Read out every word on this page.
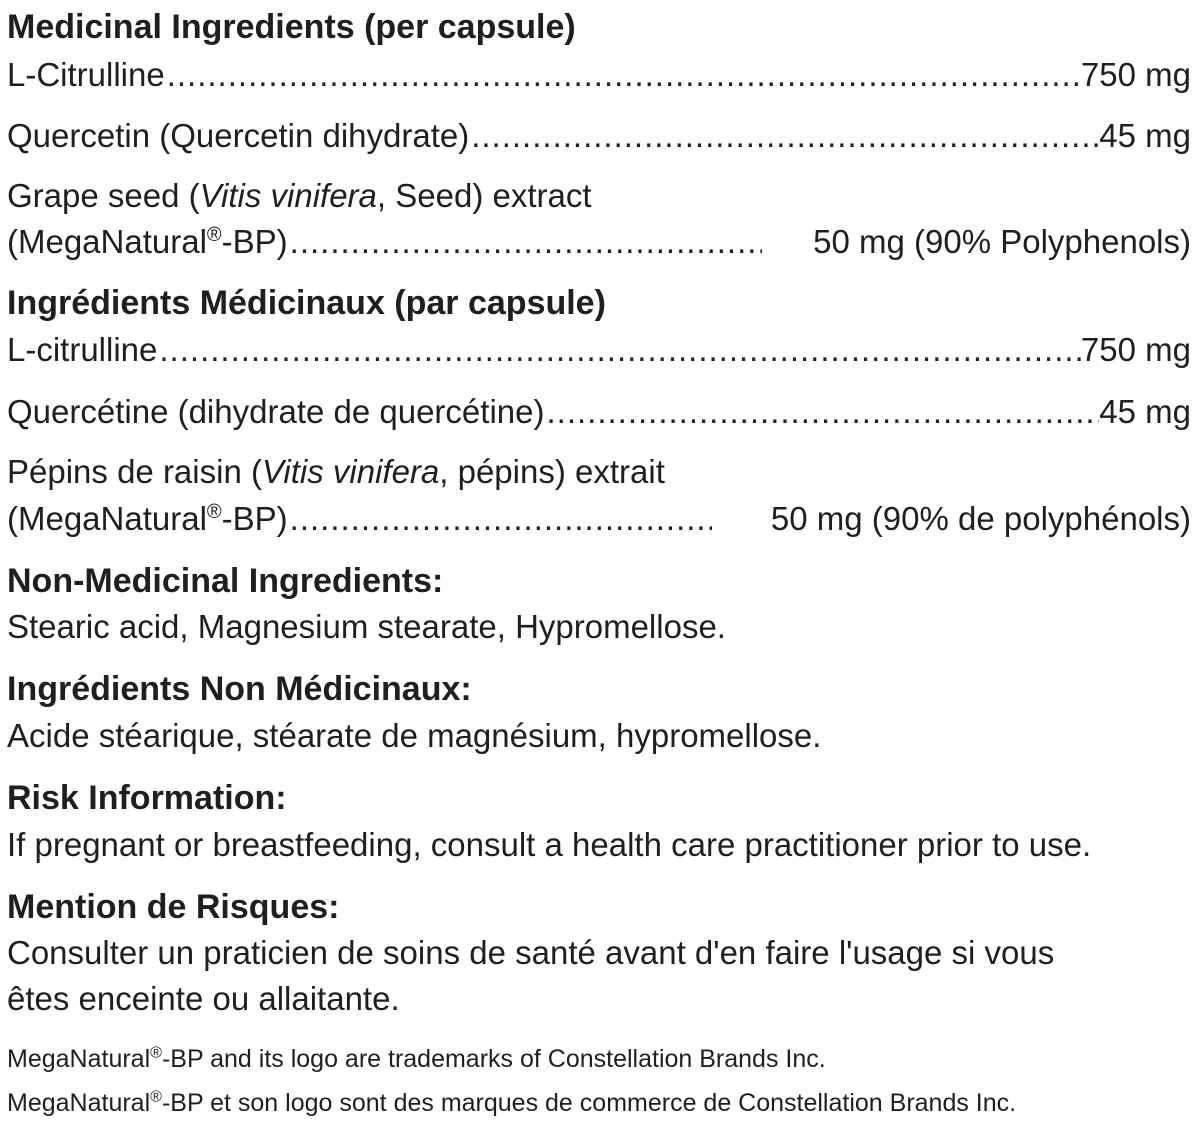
Medicinal Ingredients (per capsule)
L-Citrulline .....	750 mg
Quercetin (Quercetin dihydrate) .....	45 mg
Grape seed (Vitis vinifera, Seed) extract
(MegaNatural®-BP) .....	50 mg (90% Polyphenols)
Ingrédients Médicinaux (par capsule)
L-citrulline .....	750 mg
Quercétine (dihydrate de quercétine) .....	45 mg
Pépins de raisin (Vitis vinifera, pépins) extrait
(MegaNatural®-BP) .....	50 mg (90% de polyphénols)
Non-Medicinal Ingredients:
Stearic acid, Magnesium stearate, Hypromellose.
Ingrédients Non Médicinaux:
Acide stéarique, stéarate de magnésium, hypromellose.
Risk Information:
If pregnant or breastfeeding, consult a health care practitioner prior to use.
Mention de Risques:
Consulter un praticien de soins de santé avant d'en faire l'usage si vous
êtes enceinte ou allaitante.
MegaNatural®-BP and its logo are trademarks of Constellation Brands Inc.
MegaNatural®-BP et son logo sont des marques de commerce de Constellation Brands Inc.
